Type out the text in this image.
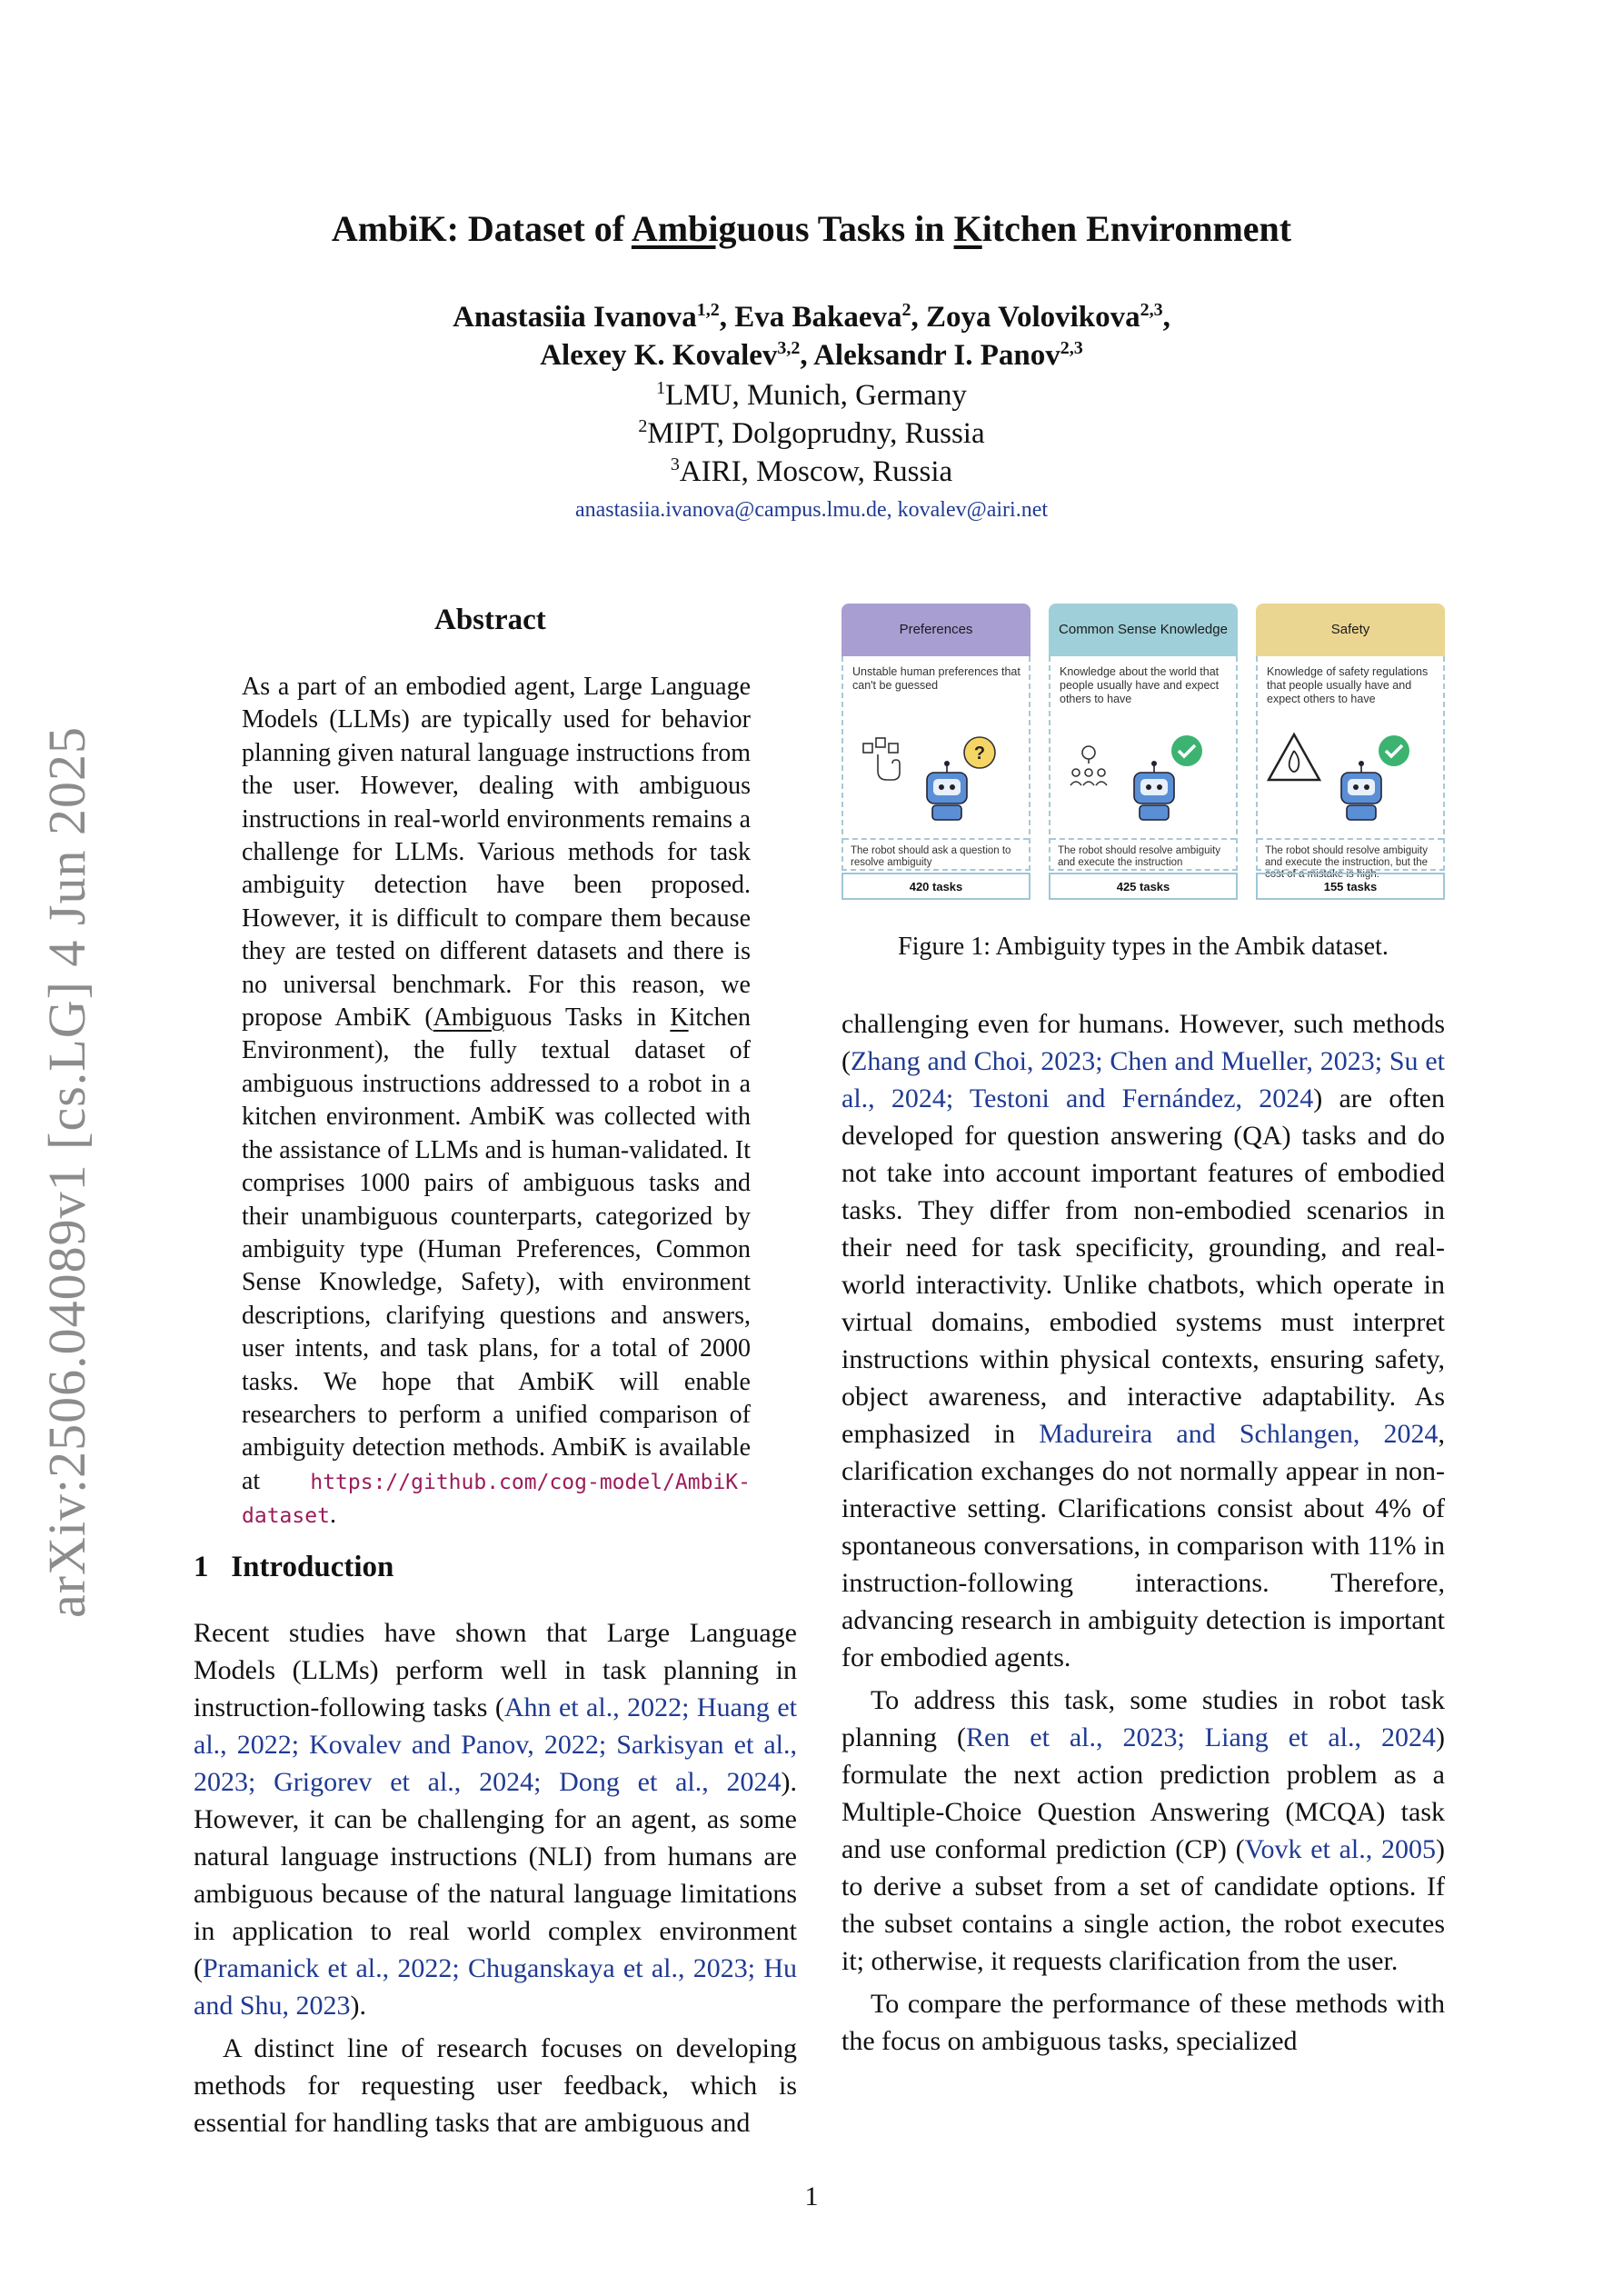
arXiv:2506.04089v1 [cs.LG] 4 Jun 2025
AmbiK: Dataset of Ambiguous Tasks in Kitchen Environment
Anastasiia Ivanova$^{1,2}$, Eva Bakaeva$^2$, Zoya Volovikova$^{2,3}$,
Alexey K. Kovalev$^{3,2}$, Aleksandr I. Panov$^{2,3}$
$^1$LMU, Munich, Germany
$^2$MIPT, Dolgoprudny, Russia
$^3$AIRI, Moscow, Russia
anastasiia.ivanova@campus.lmu.de, kovalev@airi.net
Abstract
As a part of an embodied agent, Large Language Models (LLMs) are typically used for behavior planning given natural language instructions from the user. However, dealing with ambiguous instructions in real-world environments remains a challenge for LLMs. Various methods for task ambiguity detection have been proposed. However, it is difficult to compare them because they are tested on different datasets and there is no universal benchmark. For this reason, we propose AmbiK (Ambiguous Tasks in Kitchen Environment), the fully textual dataset of ambiguous instructions addressed to a robot in a kitchen environment. AmbiK was collected with the assistance of LLMs and is human-validated. It comprises 1000 pairs of ambiguous tasks and their unambiguous counterparts, categorized by ambiguity type (Human Preferences, Common Sense Knowledge, Safety), with environment descriptions, clarifying questions and answers, user intents, and task plans, for a total of 2000 tasks. We hope that AmbiK will enable researchers to perform a unified comparison of ambiguity detection methods. AmbiK is available at https://github.com/cog-model/AmbiK-dataset.
1 Introduction

Recent studies have shown that Large Language Models (LLMs) perform well in task planning in instruction-following tasks (Ahn et al., 2022; Huang et al., 2022; Kovalev and Panov, 2022; Sarkisyan et al., 2023; Grigorev et al., 2024; Dong et al., 2024). However, it can be challenging for an agent, as some natural language instructions (NLI) from humans are ambiguous because of the natural language limitations in application to real world complex environment (Pramanick et al., 2022; Chuganskaya et al., 2023; Hu and Shu, 2023).

A distinct line of research focuses on developing methods for requesting user feedback, which is essential for handling tasks that are ambiguous and

Preferences
Unstable human preferences that can't be guessed
?
The robot should ask a question to resolve ambiguity
420 tasks
Common Sense Knowledge
Knowledge about the world that people usually have and expect others to have
The robot should resolve ambiguity and execute the instruction
425 tasks
Safety
Knowledge of safety regulations that people usually have and expect others to have
The robot should resolve ambiguity and execute the instruction, but the cost of a mistake is high.
155 tasks
Figure 1: Ambiguity types in the Ambik dataset.

challenging even for humans. However, such methods (Zhang and Choi, 2023; Chen and Mueller, 2023; Su et al., 2024; Testoni and Fernández, 2024) are often developed for question answering (QA) tasks and do not take into account important features of embodied tasks. They differ from non-embodied scenarios in their need for task specificity, grounding, and real-world interactivity. Unlike chatbots, which operate in virtual domains, embodied systems must interpret instructions within physical contexts, ensuring safety, object awareness, and interactive adaptability. As emphasized in Madureira and Schlangen, 2024, clarification exchanges do not normally appear in non-interactive setting. Clarifications consist about 4% of spontaneous conversations, in comparison with 11% in instruction-following interactions. Therefore, advancing research in ambiguity detection is important for embodied agents.

To address this task, some studies in robot task planning (Ren et al., 2023; Liang et al., 2024) formulate the next action prediction problem as a Multiple-Choice Question Answering (MCQA) task and use conformal prediction (CP) (Vovk et al., 2005) to derive a subset from a set of candidate options. If the subset contains a single action, the robot executes it; otherwise, it requests clarification from the user.

To compare the performance of these methods with the focus on ambiguous tasks, specialized

1
